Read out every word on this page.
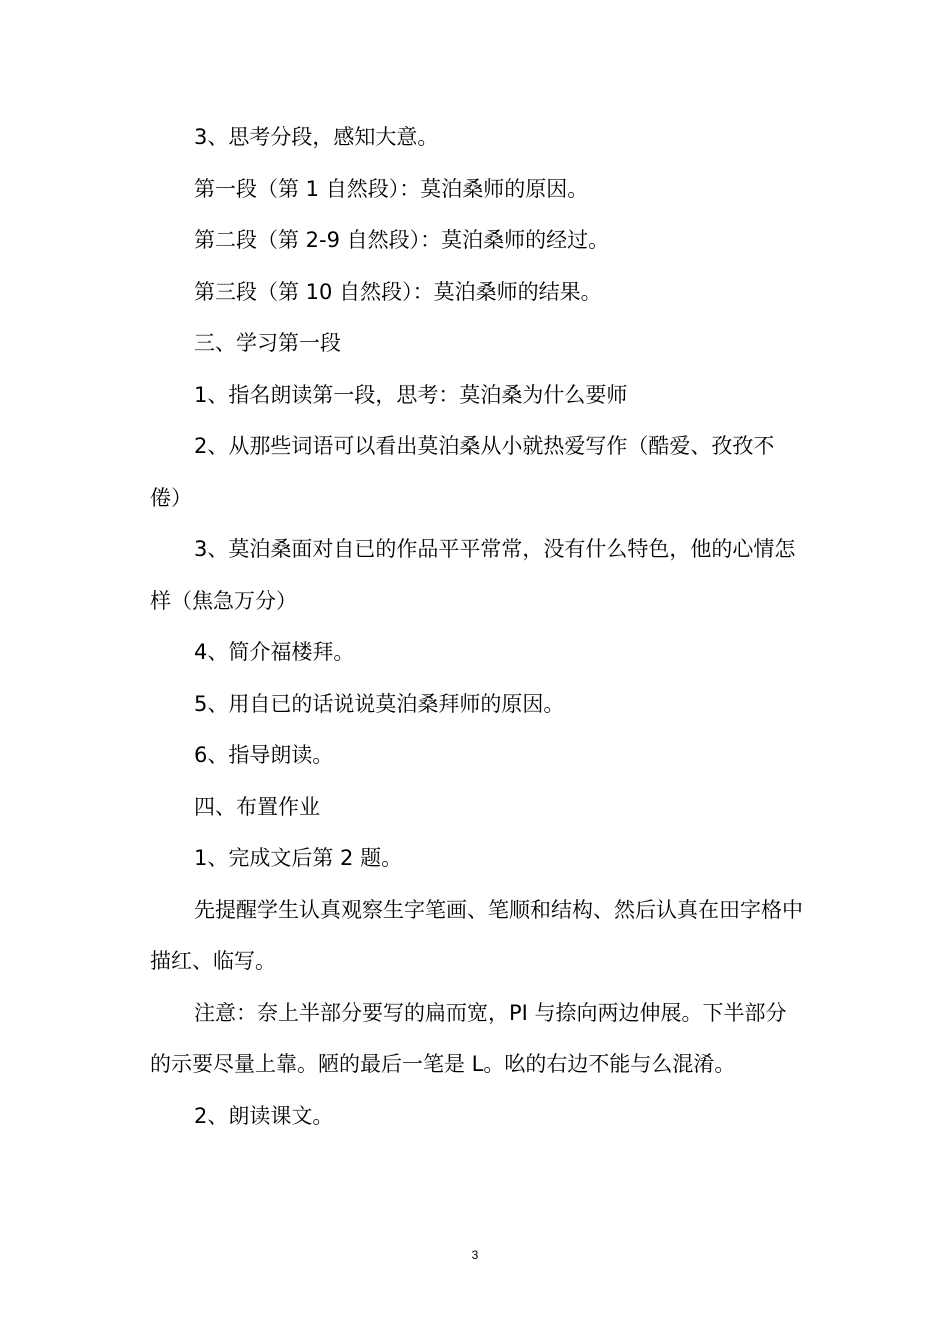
3、思考分段，感知大意。

第一段（第 1 自然段）：莫泊桑师的原因。

第二段（第 2-9 自然段）：莫泊桑师的经过。

第三段（第 10 自然段）：莫泊桑师的结果。

三、学习第一段

1、指名朗读第一段，思考：莫泊桑为什么要师

2、从那些词语可以看出莫泊桑从小就热爱写作（酷爱、孜孜不倦）

3、莫泊桑面对自已的作品平平常常，没有什么特色，他的心情怎样（焦急万分）

4、简介福楼拜。

5、用自已的话说说莫泊桑拜师的原因。

6、指导朗读。

四、布置作业

1、完成文后第 2 题。

先提醒学生认真观察生字笔画、笔顺和结构、然后认真在田字格中描红、临写。

注意：奈上半部分要写的扁而宽，PI 与捺向两边伸展。下半部分的示要尽量上靠。陋的最后一笔是 L。吆的右边不能与么混淆。

2、朗读课文。

3
